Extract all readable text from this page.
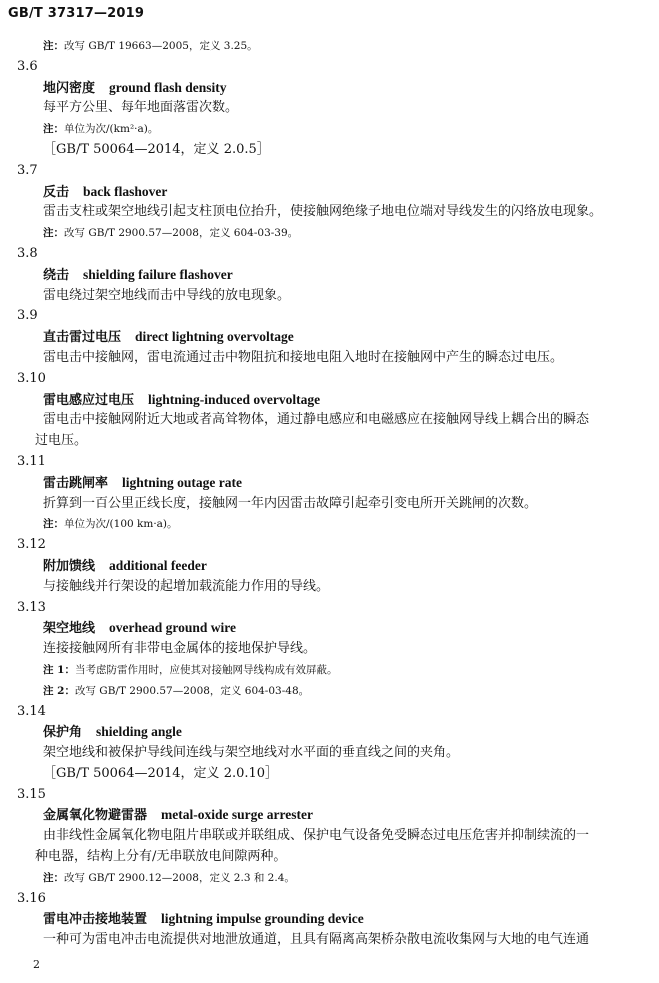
GB/T 37317—2019
注：改写 GB/T 19663—2005，定义 3.25。
3.6
地闪密度 ground flash density
每平方公里、每年地面落雷次数。
注：单位为次/(km²·a)。
［GB/T 50064—2014，定义 2.0.5］
3.7
反击 back flashover
雷击支柱或架空地线引起支柱顶电位抬升，使接触网绝缘子地电位端对导线发生的闪络放电现象。
注：改写 GB/T 2900.57—2008，定义 604-03-39。
3.8
绕击 shielding failure flashover
雷电绕过架空地线而击中导线的放电现象。
3.9
直击雷过电压 direct lightning overvoltage
雷电击中接触网，雷电流通过击中物阻抗和接地电阻入地时在接触网中产生的瞬态过电压。
3.10
雷电感应过电压 lightning-induced overvoltage
雷电击中接触网附近大地或者高耸物体，通过静电感应和电磁感应在接触网导线上耦合出的瞬态
过电压。
3.11
雷击跳闸率 lightning outage rate
折算到一百公里正线长度，接触网一年内因雷击故障引起牵引变电所开关跳闸的次数。
注：单位为次/(100 km·a)。
3.12
附加馈线 additional feeder
与接触线并行架设的起增加载流能力作用的导线。
3.13
架空地线 overhead ground wire
连接接触网所有非带电金属体的接地保护导线。
注 1：当考虑防雷作用时，应使其对接触网导线构成有效屏蔽。
注 2：改写 GB/T 2900.57—2008，定义 604-03-48。
3.14
保护角 shielding angle
架空地线和被保护导线间连线与架空地线对水平面的垂直线之间的夹角。
［GB/T 50064—2014，定义 2.0.10］
3.15
金属氧化物避雷器 metal-oxide surge arrester
由非线性金属氧化物电阻片串联或并联组成、保护电气设备免受瞬态过电压危害并抑制续流的一
种电器，结构上分有/无串联放电间隙两种。
注：改写 GB/T 2900.12—2008，定义 2.3 和 2.4。
3.16
雷电冲击接地装置 lightning impulse grounding device
一种可为雷电冲击电流提供对地泄放通道，且具有隔离高架桥杂散电流收集网与大地的电气连通
2
